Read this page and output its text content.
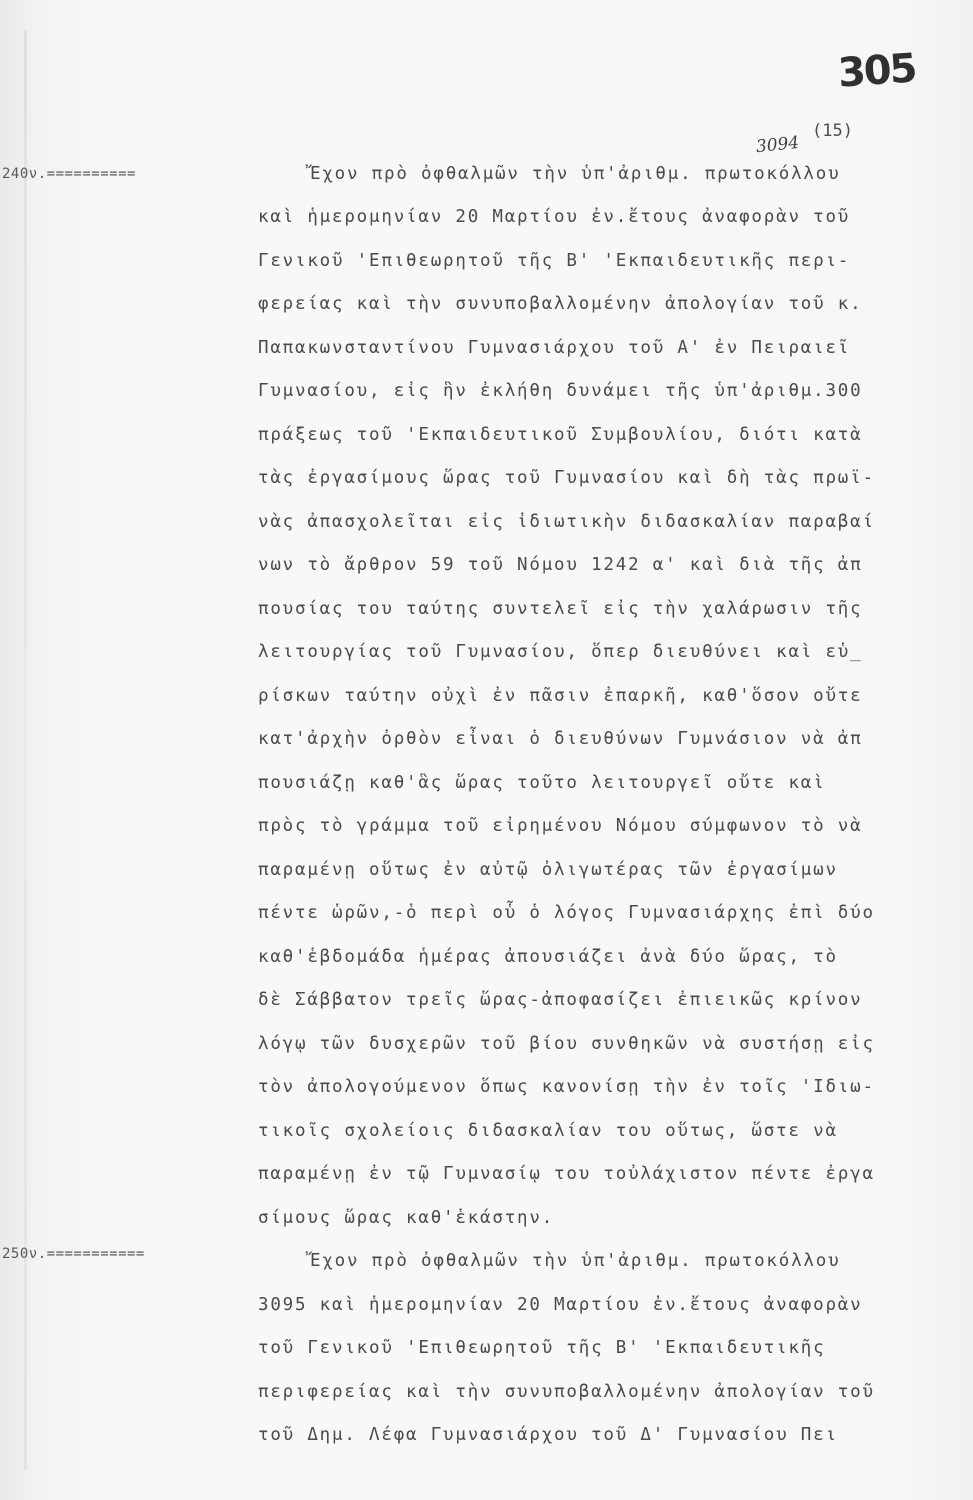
305
(15)
3094
240ν.==========
250ν.===========
Ἔχον πρὸ ὀφθαλμῶν τὴν ὑπ'ἀριθμ. πρωτοκόλλου
καὶ ἡμερομηνίαν 20 Μαρτίου ἐν.ἔτους ἀναφορὰν τοῦ
Γενικοῦ 'Επιθεωρητοῦ τῆς Β' 'Εκπαιδευτικῆς περι-
φερείας καὶ τὴν συνυποβαλλομένην ἀπολογίαν τοῦ κ.
Παπακωνσταντίνου Γυμνασιάρχου τοῦ Α' ἐν Πειραιεῖ
Γυμνασίου, εἰς ἣν ἐκλήθη δυνάμει τῆς ὑπ'ἀριθμ.300
πράξεως τοῦ 'Εκπαιδευτικοῦ Συμβουλίου, διότι κατὰ
τὰς ἐργασίμους ὥρας τοῦ Γυμνασίου καὶ δὴ τὰς πρωϊ-
νὰς ἀπασχολεῖται εἰς ἰδιωτικὴν διδασκαλίαν παραβαί
νων τὸ ἄρθρον 59 τοῦ Νόμου 1242 α' καὶ διὰ τῆς ἀπ
πουσίας του ταύτης συντελεῖ εἰς τὴν χαλάρωσιν τῆς
λειτουργίας τοῦ Γυμνασίου, ὅπερ διευθύνει καὶ εὑ_
ρίσκων ταύτην οὐχὶ ἐν πᾶσιν ἐπαρκῆ, καθ'ὅσον οὔτε
κατ'ἀρχὴν ὀρθὸν εἶναι ὁ διευθύνων Γυμνάσιον νὰ ἀπ
πουσιάζῃ καθ'ἃς ὥρας τοῦτο λειτουργεῖ οὔτε καὶ
πρὸς τὸ γράμμα τοῦ εἰρημένου Νόμου σύμφωνον τὸ νὰ
παραμένῃ οὕτως ἐν αὐτῷ ὀλιγωτέρας τῶν ἐργασίμων
πέντε ὡρῶν,-ὁ περὶ οὗ ὁ λόγος Γυμνασιάρχης ἐπὶ δύο
καθ'ἑβδομάδα ἡμέρας ἀπουσιάζει ἀνὰ δύο ὥρας, τὸ
δὲ Σάββατον τρεῖς ὥρας-ἀποφασίζει ἐπιεικῶς κρίνον
λόγῳ τῶν δυσχερῶν τοῦ βίου συνθηκῶν νὰ συστήσῃ εἰς
τὸν ἀπολογούμενον ὅπως κανονίσῃ τὴν ἐν τοῖς 'Ιδιω-
τικοῖς σχολείοις διδασκαλίαν του οὕτως, ὥστε νὰ
παραμένῃ ἐν τῷ Γυμνασίῳ του τοὐλάχιστον πέντε ἐργα
σίμους ὥρας καθ'ἑκάστην.
Ἔχον πρὸ ὀφθαλμῶν τὴν ὑπ'ἀριθμ. πρωτοκόλλου
3095 καὶ ἡμερομηνίαν 20 Μαρτίου ἐν.ἔτους ἀναφορὰν
τοῦ Γενικοῦ 'Επιθεωρητοῦ τῆς Β' 'Εκπαιδευτικῆς
περιφερείας καὶ τὴν συνυποβαλλομένην ἀπολογίαν τοῦ
τοῦ Δημ. Λέφα Γυμνασιάρχου τοῦ Δ' Γυμνασίου Πει
